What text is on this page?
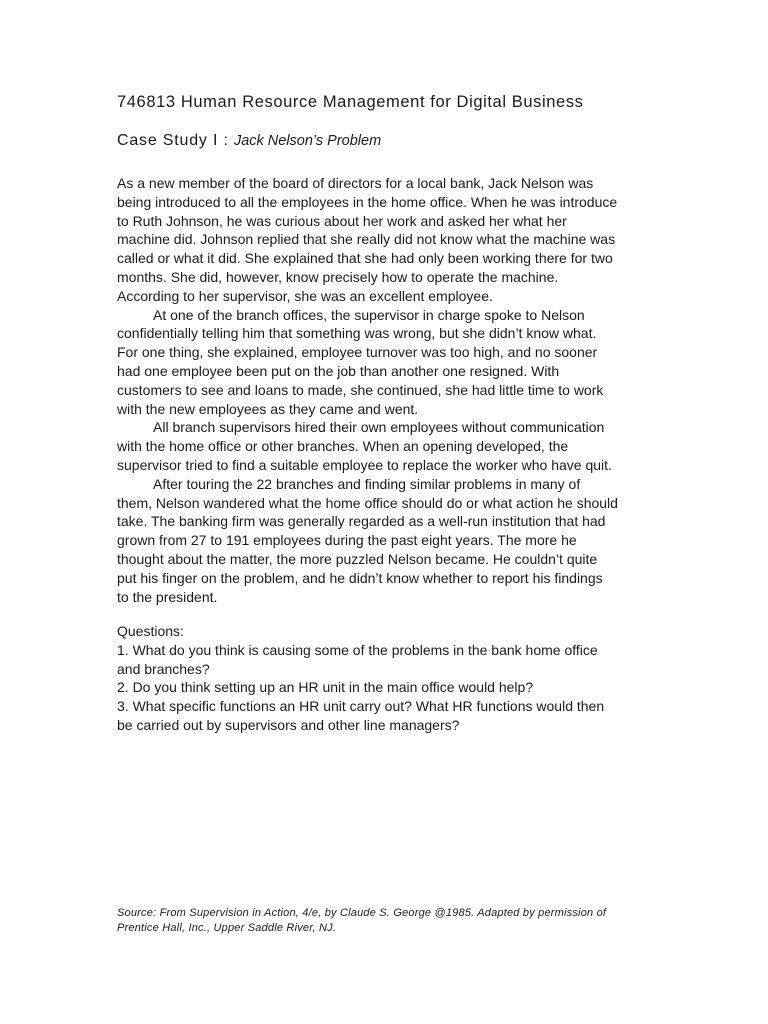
746813 Human Resource Management for Digital Business
Case Study I : Jack Nelson’s Problem
As a new member of the board of directors for a local bank, Jack Nelson was
being introduced to all the employees in the home office. When he was introduce
to Ruth Johnson, he was curious about her work and asked her what her
machine did. Johnson replied that she really did not know what the machine was
called or what it did. She explained that she had only been working there for two
months. She did, however, know precisely how to operate the machine.
According to her supervisor, she was an excellent employee.
At one of the branch offices, the supervisor in charge spoke to Nelson
confidentially telling him that something was wrong, but she didn’t know what.
For one thing, she explained, employee turnover was too high, and no sooner
had one employee been put on the job than another one resigned. With
customers to see and loans to made, she continued, she had little time to work
with the new employees as they came and went.
All branch supervisors hired their own employees without communication
with the home office or other branches. When an opening developed, the
supervisor tried to find a suitable employee to replace the worker who have quit.
After touring the 22 branches and finding similar problems in many of
them, Nelson wandered what the home office should do or what action he should
take. The banking firm was generally regarded as a well-run institution that had
grown from 27 to 191 employees during the past eight years. The more he
thought about the matter, the more puzzled Nelson became. He couldn’t quite
put his finger on the problem, and he didn’t know whether to report his findings
to the president.
Questions:
1. What do you think is causing some of the problems in the bank home office
and branches?
2. Do you think setting up an HR unit in the main office would help?
3. What specific functions an HR unit carry out? What HR functions would then
be carried out by supervisors and other line managers?
Source: From Supervision in Action, 4/e, by Claude S. George @1985. Adapted by permission of
Prentice Hall, Inc., Upper Saddle River, NJ.
